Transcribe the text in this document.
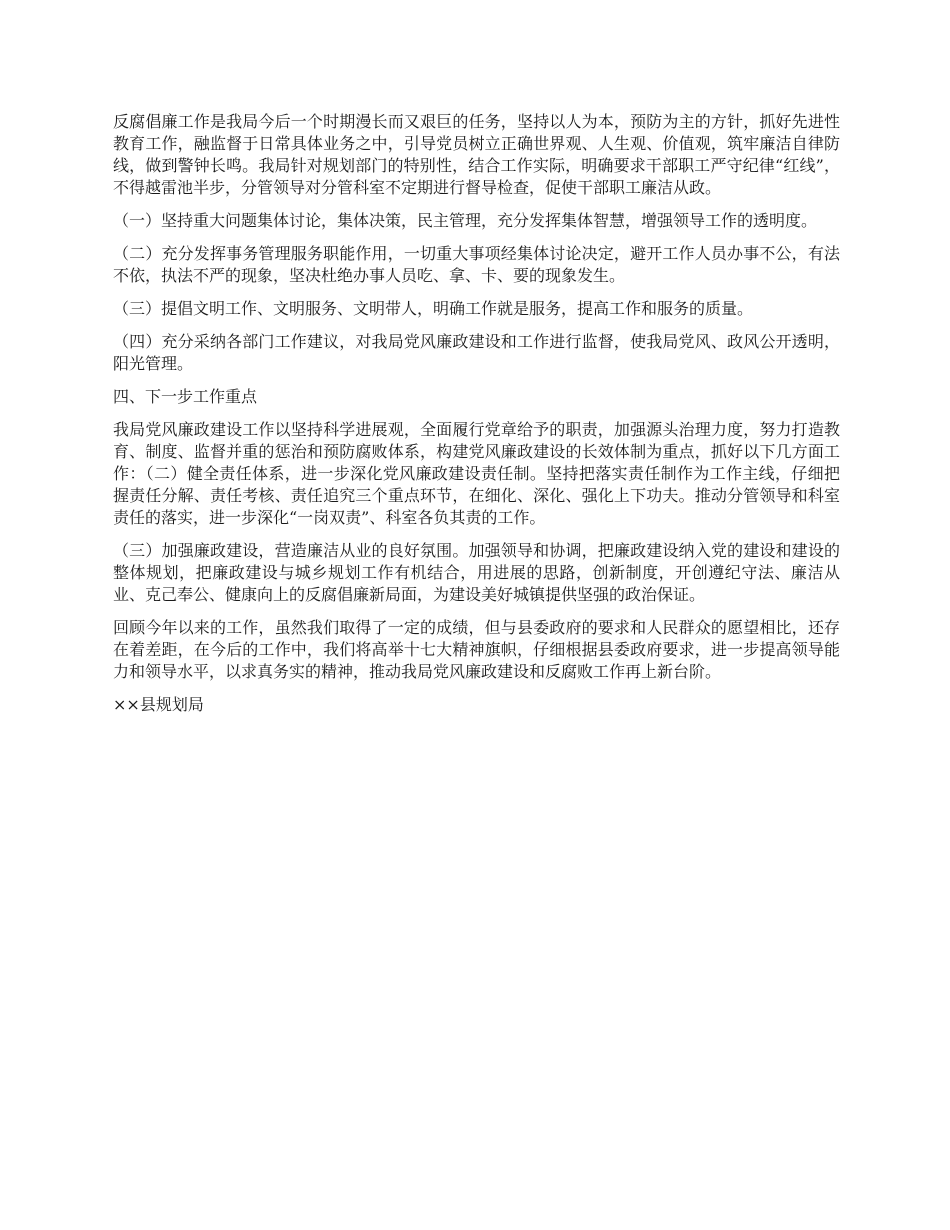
反腐倡廉工作是我局今后一个时期漫长而又艰巨的任务，坚持以人为本，预防为主的方针，抓好先进性教育工作，融监督于日常具体业务之中，引导党员树立正确世界观、人生观、价值观，筑牢廉洁自律防线，做到警钟长鸣。我局针对规划部门的特别性，结合工作实际，明确要求干部职工严守纪律“红线”，不得越雷池半步，分管领导对分管科室不定期进行督导检查，促使干部职工廉洁从政。

（一）坚持重大问题集体讨论，集体决策，民主管理，充分发挥集体智慧，增强领导工作的透明度。

（二）充分发挥事务管理服务职能作用，一切重大事项经集体讨论决定，避开工作人员办事不公，有法不依，执法不严的现象，坚决杜绝办事人员吃、拿、卡、要的现象发生。

（三）提倡文明工作、文明服务、文明带人，明确工作就是服务，提高工作和服务的质量。

（四）充分采纳各部门工作建议，对我局党风廉政建设和工作进行监督，使我局党风、政风公开透明，阳光管理。

四、下一步工作重点

我局党风廉政建设工作以坚持科学进展观，全面履行党章给予的职责，加强源头治理力度，努力打造教育、制度、监督并重的惩治和预防腐败体系，构建党风廉政建设的长效体制为重点，抓好以下几方面工作：（二）健全责任体系，进一步深化党风廉政建设责任制。坚持把落实责任制作为工作主线，仔细把握责任分解、责任考核、责任追究三个重点环节，在细化、深化、强化上下功夫。推动分管领导和科室责任的落实，进一步深化“一岗双责”、科室各负其责的工作。

（三）加强廉政建设，营造廉洁从业的良好氛围。加强领导和协调，把廉政建设纳入党的建设和建设的整体规划，把廉政建设与城乡规划工作有机结合，用进展的思路，创新制度，开创遵纪守法、廉洁从业、克己奉公、健康向上的反腐倡廉新局面，为建设美好城镇提供坚强的政治保证。

回顾今年以来的工作，虽然我们取得了一定的成绩，但与县委政府的要求和人民群众的愿望相比，还存在着差距，在今后的工作中，我们将高举十七大精神旗帜，仔细根据县委政府要求，进一步提高领导能力和领导水平，以求真务实的精神，推动我局党风廉政建设和反腐败工作再上新台阶。

××县规划局
